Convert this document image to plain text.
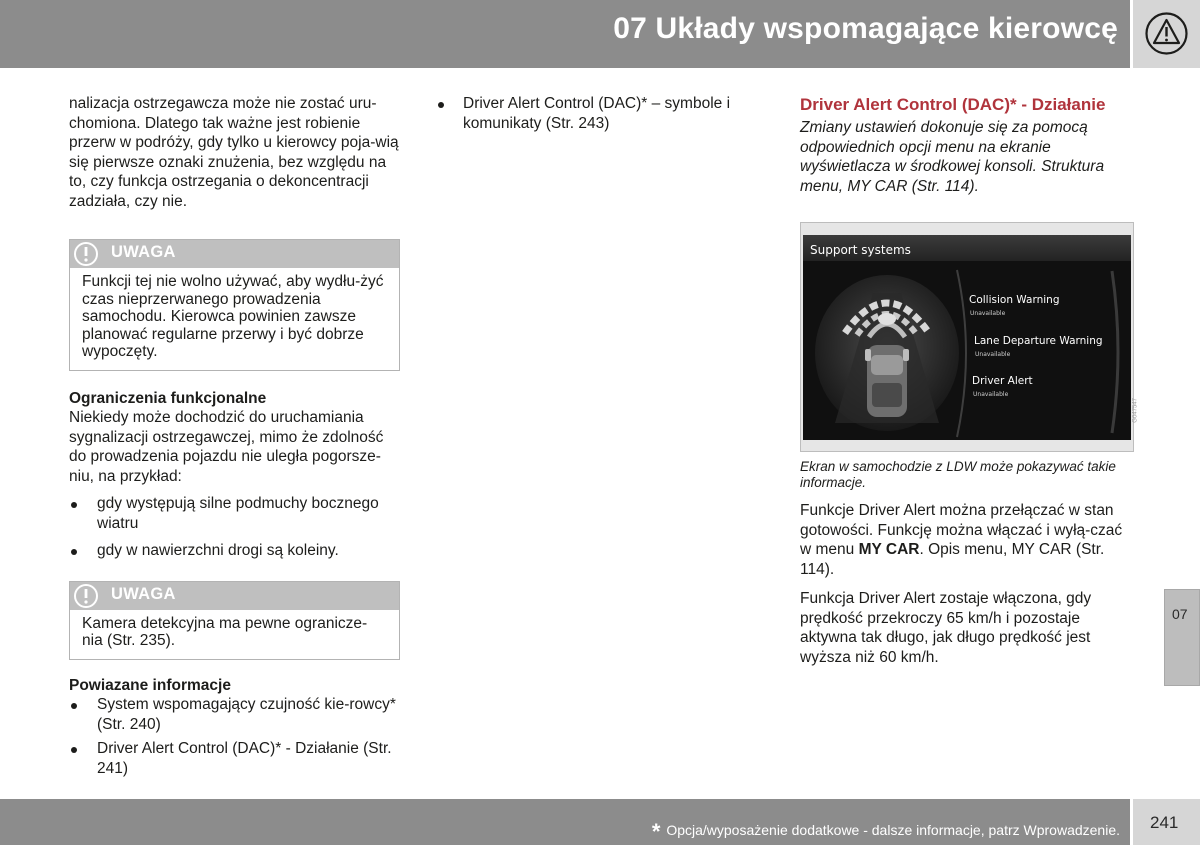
07 Układy wspomagające kierowcę

nalizacja ostrzegawcza może nie zostać uru-chomiona. Dlatego tak ważne jest robienie przerw w podróży, gdy tylko u kierowcy poja-wią się pierwsze oznaki znużenia, bez względu na to, czy funkcja ostrzegania o dekoncentracji zadziała, czy nie.

UWAGA
Funkcji tej nie wolno używać, aby wydłu-żyć czas nieprzerwanego prowadzenia samochodu. Kierowca powinien zawsze planować regularne przerwy i być dobrze wypoczęty.

Ograniczenia funkcjonalne

Niekiedy może dochodzić do uruchamiania sygnalizacji ostrzegawczej, mimo że zdolność do prowadzenia pojazdu nie uległa pogorsze-niu, na przykład:

gdy występują silne podmuchy bocznego wiatru
gdy w nawierzchni drogi są koleiny.
UWAGA
Kamera detekcyjna ma pewne ogranicze-nia (Str. 235).

Powiazane informacje

System wspomagający czujność kie-rowcy* (Str. 240)
Driver Alert Control (DAC)* - Działanie (Str. 241)
Driver Alert Control (DAC)* – symbole i komunikaty (Str. 243)

Driver Alert Control (DAC)* - Działanie

Zmiany ustawień dokonuje się za pomocą odpowiednich opcji menu na ekranie wyświetlacza w środkowej konsoli. Struktura menu, MY CAR (Str. 114).

Support systems
Collision Warning
Unavailable
Lane Departure Warning
Unavailable
Driver Alert
Unavailable
G047547

Ekran w samochodzie z LDW może pokazywać takie informacje.

Funkcje Driver Alert można przełączać w stan gotowości. Funkcję można włączać i wyłą-czać w menu MY CAR. Opis menu, MY CAR (Str. 114).

Funkcja Driver Alert zostaje włączona, gdy prędkość przekroczy 65 km/h i pozostaje aktywna tak długo, jak długo prędkość jest wyższa niż 60 km/h.

07
* Opcja/wyposażenie dodatkowe - dalsze informacje, patrz Wprowadzenie. 241
